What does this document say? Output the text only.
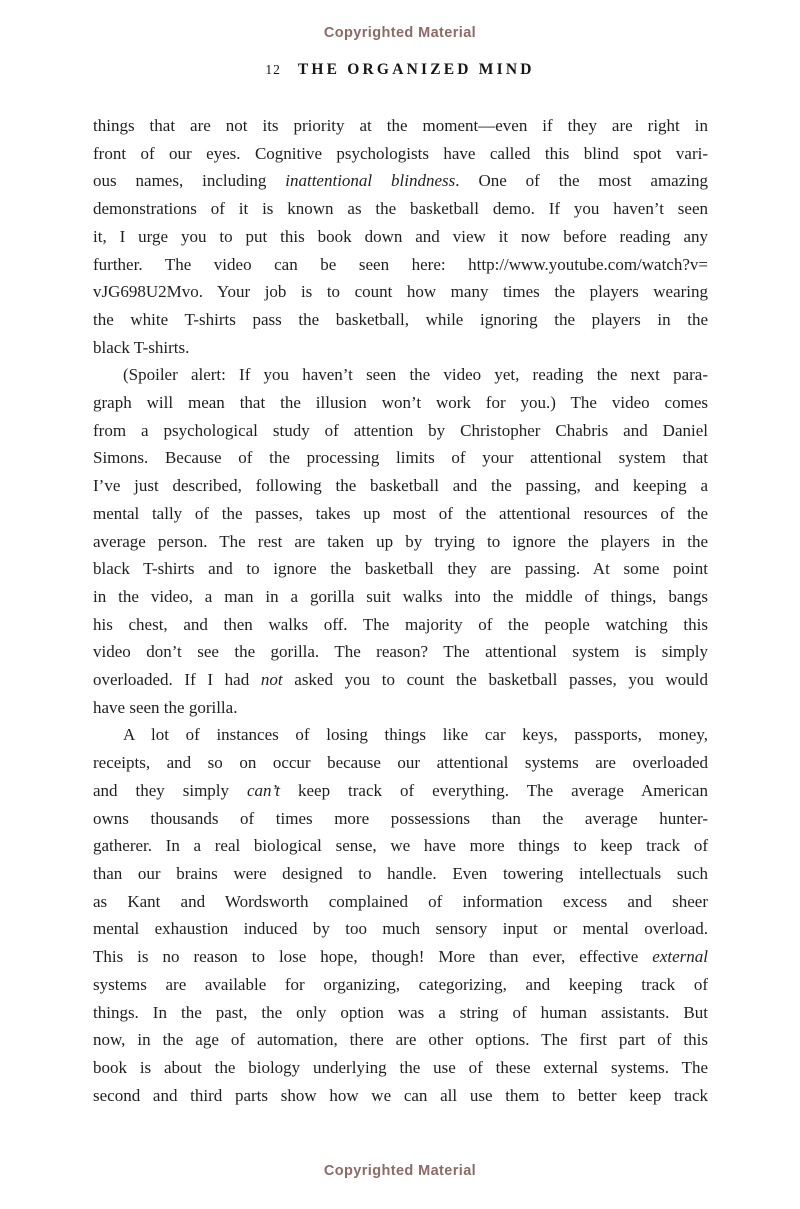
Copyrighted Material
12 THE ORGANIZED MIND
things that are not its priority at the moment—even if they are right in
front of our eyes. Cognitive psychologists have called this blind spot vari-
ous names, including inattentional blindness. One of the most amazing
demonstrations of it is known as the basketball demo. If you haven’t seen
it, I urge you to put this book down and view it now before reading any
further. The video can be seen here: http://www.youtube.com/watch?v=
vJG698U2Mvo. Your job is to count how many times the players wearing
the white T-shirts pass the basketball, while ignoring the players in the
black T-shirts.
(Spoiler alert: If you haven’t seen the video yet, reading the next para-
graph will mean that the illusion won’t work for you.) The video comes
from a psychological study of attention by Christopher Chabris and Daniel
Simons. Because of the processing limits of your attentional system that
I’ve just described, following the basketball and the passing, and keeping a
mental tally of the passes, takes up most of the attentional resources of the
average person. The rest are taken up by trying to ignore the players in the
black T-shirts and to ignore the basketball they are passing. At some point
in the video, a man in a gorilla suit walks into the middle of things, bangs
his chest, and then walks off. The majority of the people watching this
video don’t see the gorilla. The reason? The attentional system is simply
overloaded. If I had not asked you to count the basketball passes, you would
have seen the gorilla.
A lot of instances of losing things like car keys, passports, money,
receipts, and so on occur because our attentional systems are overloaded
and they simply can’t keep track of everything. The average American
owns thousands of times more possessions than the average hunter-
gatherer. In a real biological sense, we have more things to keep track of
than our brains were designed to handle. Even towering intellectuals such
as Kant and Wordsworth complained of information excess and sheer
mental exhaustion induced by too much sensory input or mental overload.
This is no reason to lose hope, though! More than ever, effective external
systems are available for organizing, categorizing, and keeping track of
things. In the past, the only option was a string of human assistants. But
now, in the age of automation, there are other options. The first part of this
book is about the biology underlying the use of these external systems. The
second and third parts show how we can all use them to better keep track
Copyrighted Material
